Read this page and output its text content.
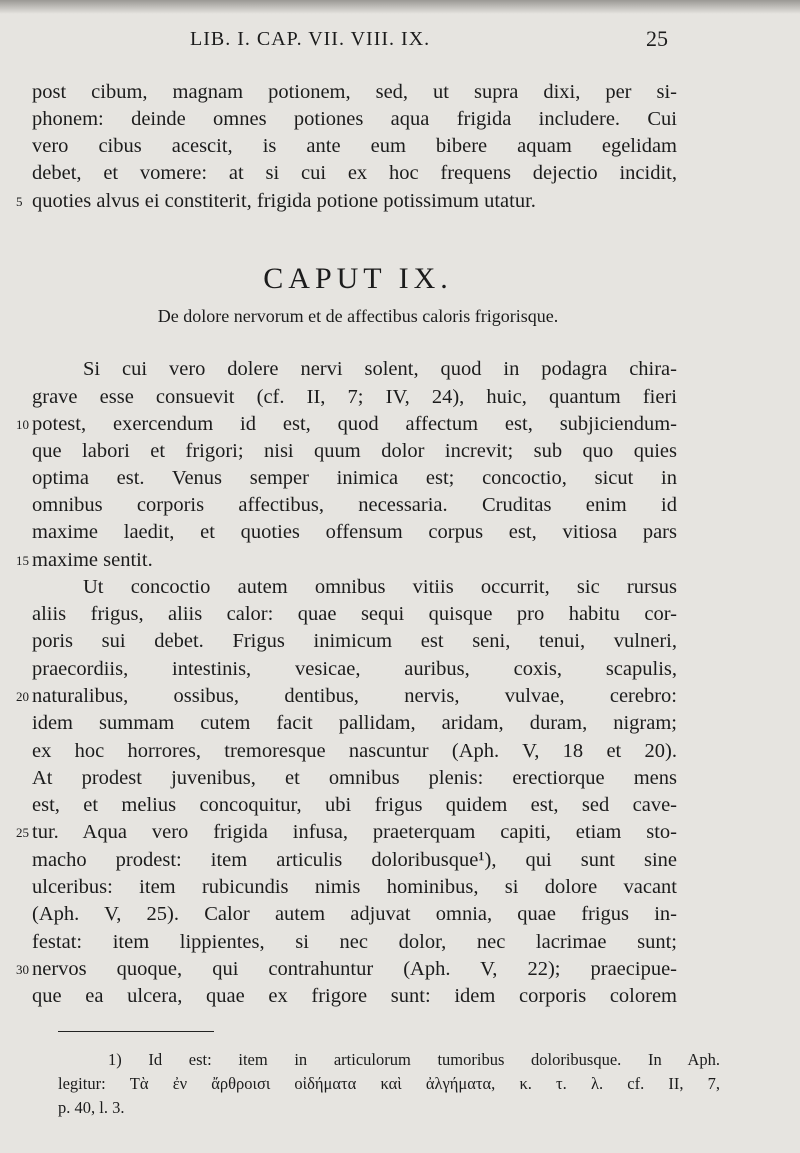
LIB. I. CAP. VII. VIII. IX.	25
post cibum, magnam potionem, sed, ut supra dixi, per si-
phonem: deinde omnes potiones aqua frigida includere. Cui
vero cibus acescit, is ante eum bibere aquam egelidam
debet, et vomere: at si cui ex hoc frequens dejectio incidit,
5 quoties alvus ei constiterit, frigida potione potissimum utatur.
CAPUT IX.
De dolore nervorum et de affectibus caloris frigorisque.
Si cui vero dolere nervi solent, quod in podagra chira-
grave esse consuevit (cf. II, 7; IV, 24), huic, quantum fieri
10 potest, exercendum id est, quod affectum est, subjiciendum-
que labori et frigori; nisi quum dolor increvit; sub quo quies
optima est. Venus semper inimica est; concoctio, sicut in
omnibus corporis affectibus, necessaria. Cruditas enim id
maxime laedit, et quoties offensum corpus est, vitiosa pars
15 maxime sentit.
Ut concoctio autem omnibus vitiis occurrit, sic rursus
aliis frigus, aliis calor: quae sequi quisque pro habitu cor-
poris sui debet. Frigus inimicum est seni, tenui, vulneri,
praecordiis, intestinis, vesicae, auribus, coxis, scapulis,
20 naturalibus, ossibus, dentibus, nervis, vulvae, cerebro:
idem summam cutem facit pallidam, aridam, duram, nigram;
ex hoc horrores, tremoresque nascuntur (Aph. V, 18 et 20).
At prodest juvenibus, et omnibus plenis: erectiorque mens
est, et melius concoquitur, ubi frigus quidem est, sed cave-
25 tur. Aqua vero frigida infusa, praeterquam capiti, etiam sto-
macho prodest: item articulis doloribusque¹), qui sunt sine
ulceribus: item rubicundis nimis hominibus, si dolore vacant
(Aph. V, 25). Calor autem adjuvat omnia, quae frigus in-
festat: item lippientes, si nec dolor, nec lacrimae sunt;
30 nervos quoque, qui contrahuntur (Aph. V, 22); praecipue-
que ea ulcera, quae ex frigore sunt: idem corporis colorem
1) Id est: item in articulorum tumoribus doloribusque. In Aph.
legitur: Τὰ ἐν ἄρθροισι οἰδήματα καὶ ἀλγήματα, κ. τ. λ. cf. II, 7,
p. 40, l. 3.
